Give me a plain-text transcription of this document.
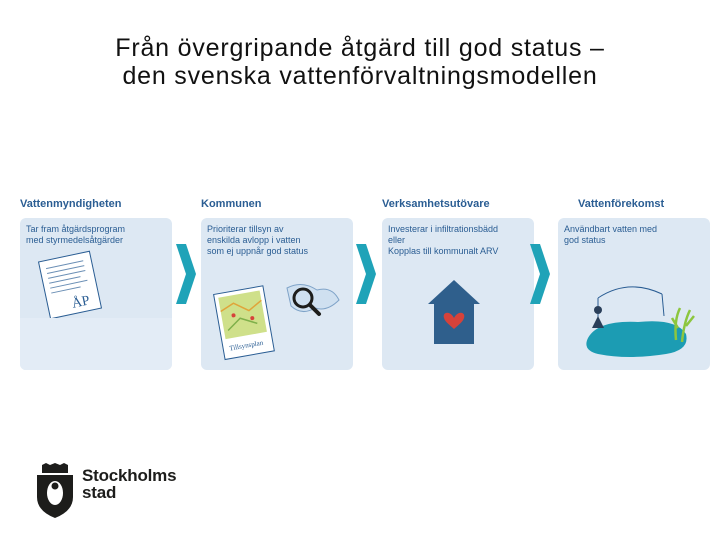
Från övergripande åtgärd till god status –
den svenska vattenförvaltningsmodellen
Vattenmyndigheten
Tar fram åtgärdsprogram
med styrmedelsåtgärder
ÅP
Kommunen
Prioriterar tillsyn av
enskilda avlopp i vatten
som ej uppnår god status
Tillsynsplan
Verksamhetsutövare
Investerar i infiltrationsbädd
eller
Kopplas till kommunalt ARV
Vattenförekomst
Användbart vatten med
god status
Stockholms
stad
